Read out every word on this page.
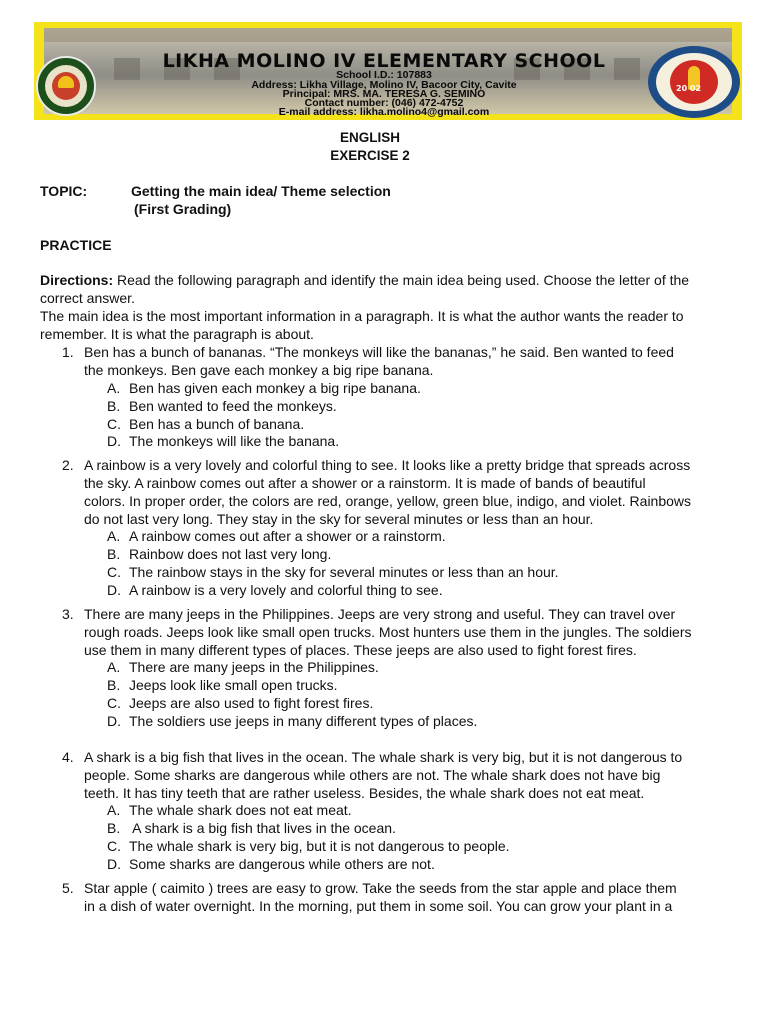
LIKHA MOLINO IV ELEMENTARY SCHOOL
School I.D.: 107883
Address: Likha Village, Molino IV, Bacoor City, Cavite
Principal: MRS. MA. TERESA G. SEMINO
Contact number: (046) 472-4752
E-mail address: likha.molino4@gmail.com
20 02
ENGLISH
EXERCISE 2
TOPIC:	Getting the main idea/ Theme selection
(First Grading)
PRACTICE
Directions: Read the following paragraph and identify the main idea being used. Choose the letter of the
correct answer.
The main idea is the most important information in a paragraph. It is what the author wants the reader to
remember. It is what the paragraph is about.
1. Ben has a bunch of bananas. “The monkeys will like the bananas,” he said. Ben wanted to feed
the monkeys. Ben gave each monkey a big ripe banana.
A. Ben has given each monkey a big ripe banana.
B. Ben wanted to feed the monkeys.
C. Ben has a bunch of banana.
D. The monkeys will like the banana.
2. A rainbow is a very lovely and colorful thing to see. It looks like a pretty bridge that spreads across
the sky. A rainbow comes out after a shower or a rainstorm. It is made of bands of beautiful
colors. In proper order, the colors are red, orange, yellow, green blue, indigo, and violet. Rainbows
do not last very long. They stay in the sky for several minutes or less than an hour.
A. A rainbow comes out after a shower or a rainstorm.
B. Rainbow does not last very long.
C. The rainbow stays in the sky for several minutes or less than an hour.
D. A rainbow is a very lovely and colorful thing to see.
3. There are many jeeps in the Philippines. Jeeps are very strong and useful. They can travel over
rough roads. Jeeps look like small open trucks. Most hunters use them in the jungles. The soldiers
use them in many different types of places. These jeeps are also used to fight forest fires.
A. There are many jeeps in the Philippines.
B. Jeeps look like small open trucks.
C. Jeeps are also used to fight forest fires.
D. The soldiers use jeeps in many different types of places.
4. A shark is a big fish that lives in the ocean. The whale shark is very big, but it is not dangerous to
people. Some sharks are dangerous while others are not. The whale shark does not have big
teeth. It has tiny teeth that are rather useless. Besides, the whale shark does not eat meat.
A. The whale shark does not eat meat.
B. A shark is a big fish that lives in the ocean.
C. The whale shark is very big, but it is not dangerous to people.
D. Some sharks are dangerous while others are not.
5. Star apple ( caimito ) trees are easy to grow. Take the seeds from the star apple and place them
in a dish of water overnight. In the morning, put them in some soil. You can grow your plant in a
